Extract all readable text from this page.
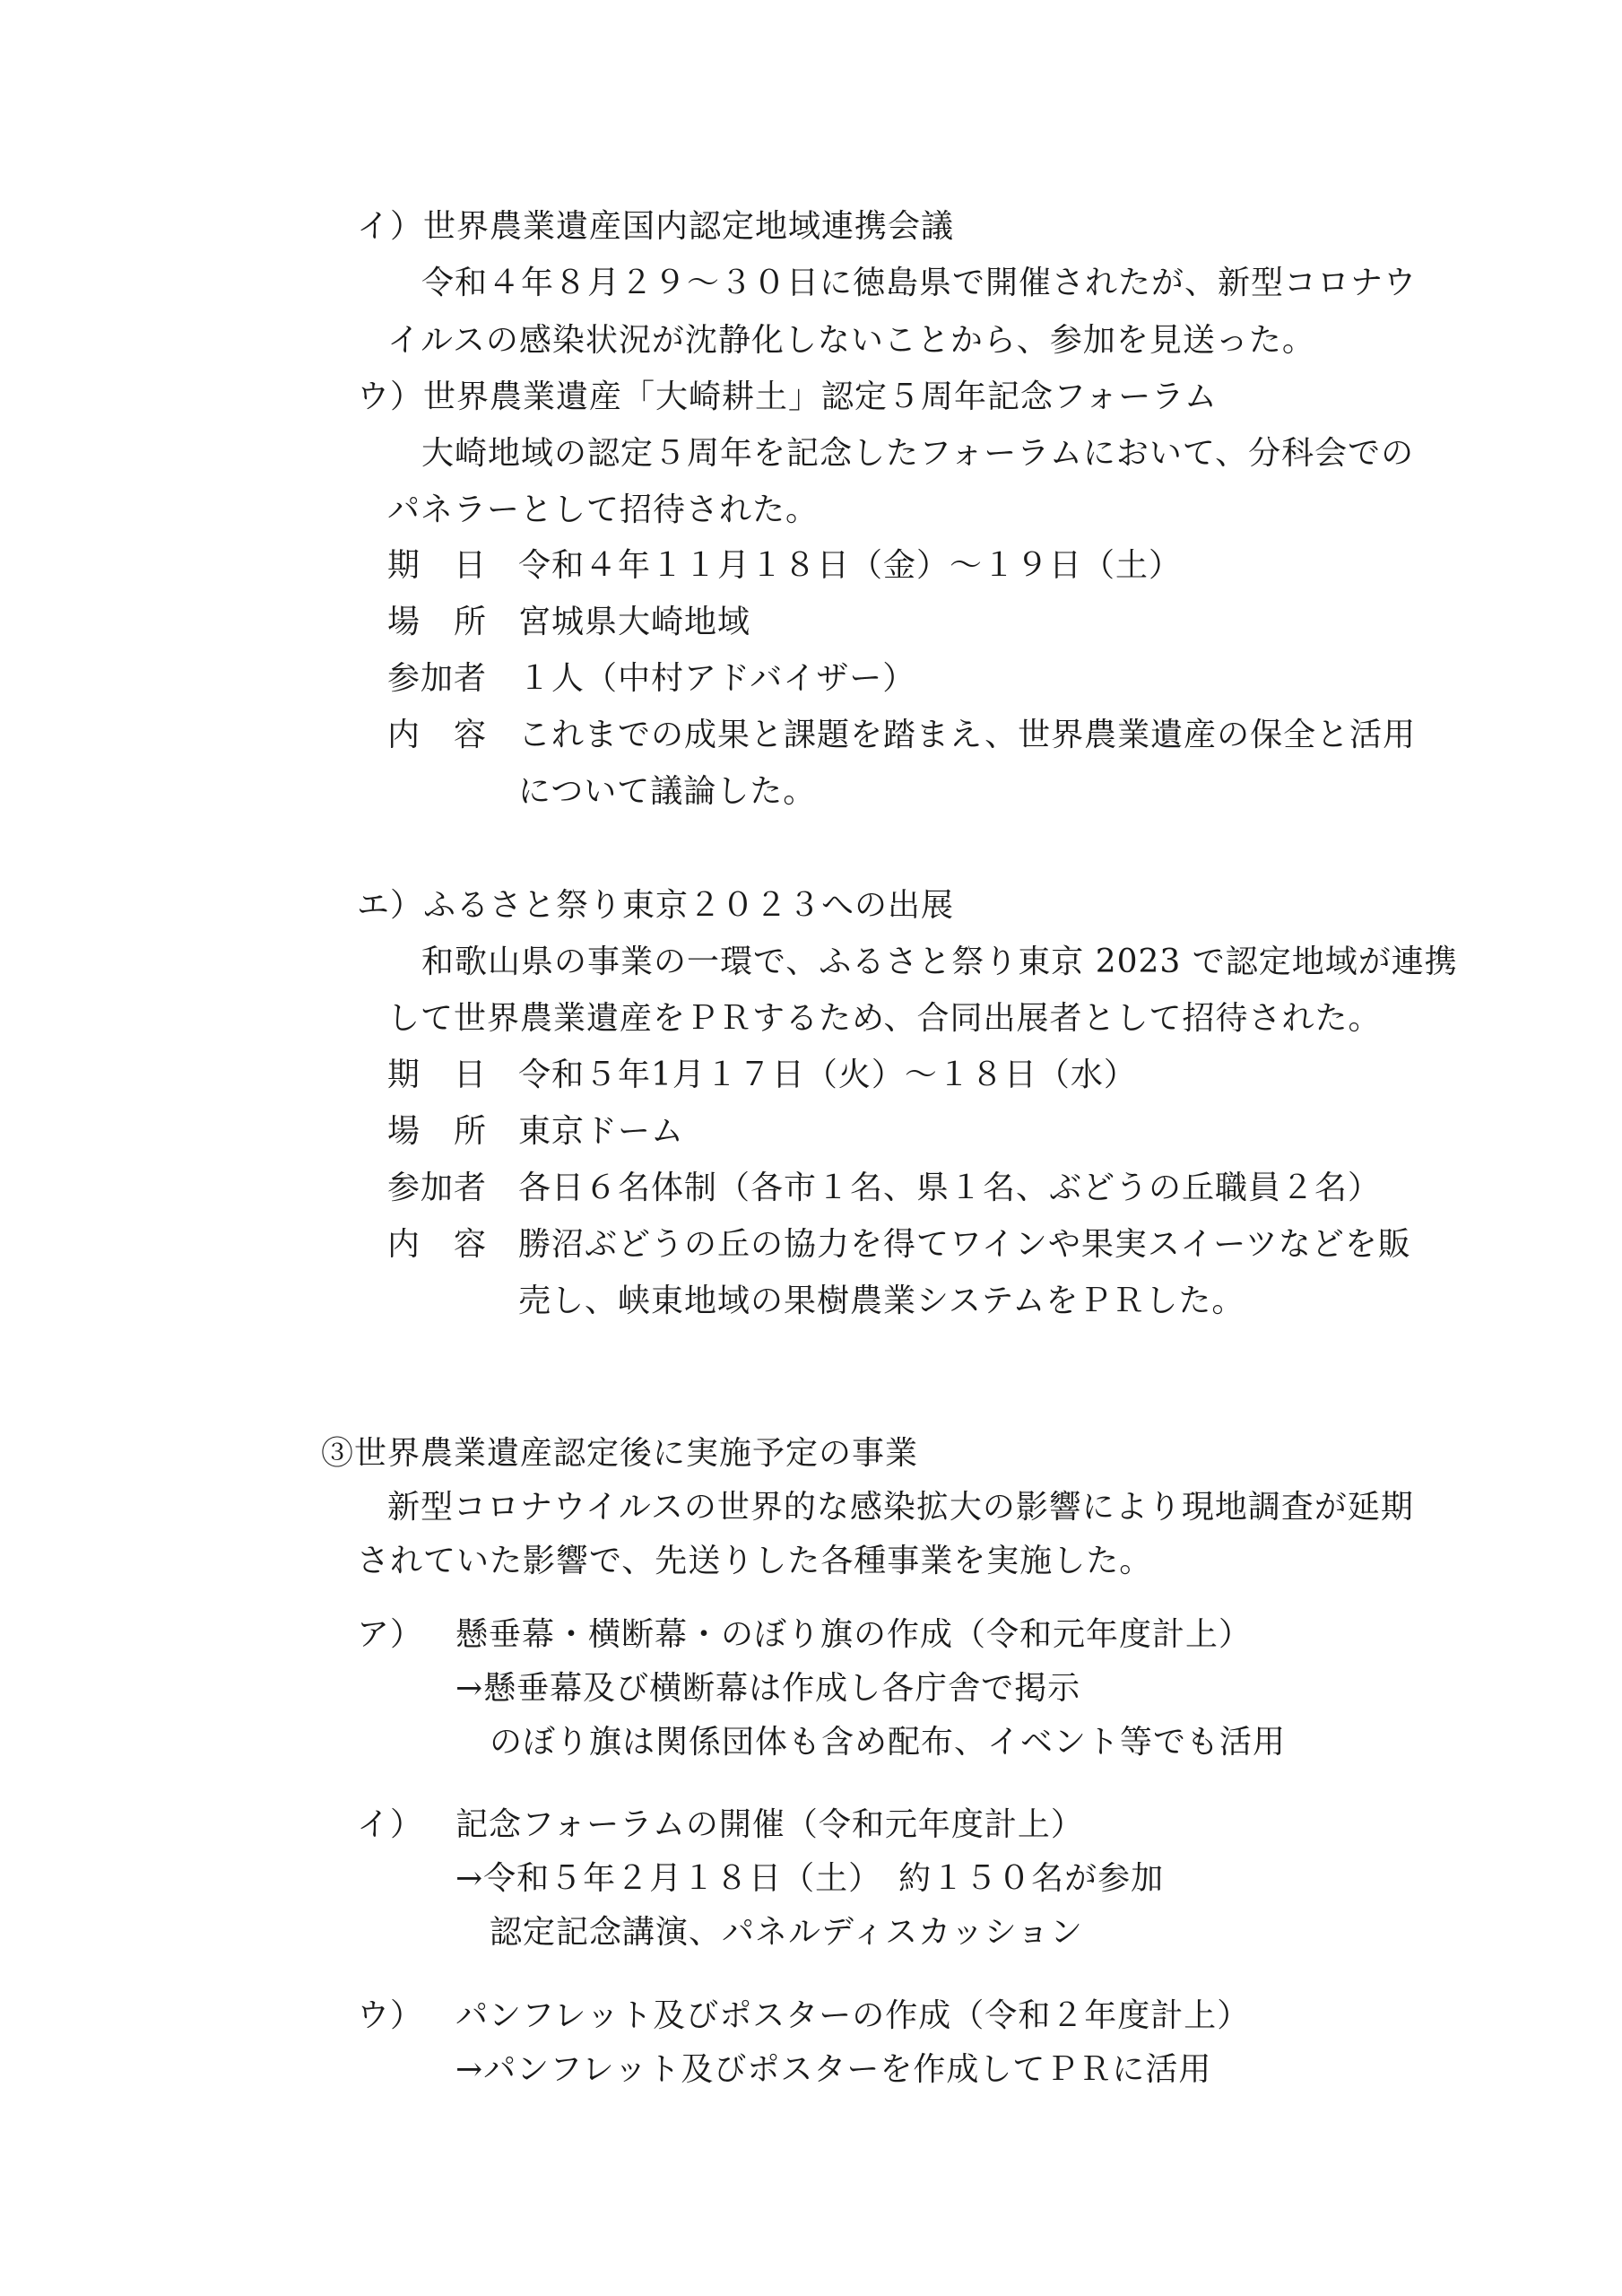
イ）世界農業遺産国内認定地域連携会議
令和４年８月２９～３０日に徳島県で開催されたが、新型コロナウ
イルスの感染状況が沈静化しないことから、参加を見送った。
ウ）世界農業遺産「大崎耕土」認定５周年記念フォーラム
大崎地域の認定５周年を記念したフォーラムにおいて、分科会での
パネラーとして招待された。
期　日 令和４年１１月１８日（金）～１９日（土）
場　所 宮城県大崎地域
参加者 １人（中村アドバイザー）
内　容 これまでの成果と課題を踏まえ、世界農業遺産の保全と活用
について議論した。
エ）ふるさと祭り東京２０２３への出展
和歌山県の事業の一環で、ふるさと祭り東京 2023 で認定地域が連携
して世界農業遺産をＰＲするため、合同出展者として招待された。
期　日 令和５年1月１７日（火）～１８日（水）
場　所 東京ドーム
参加者 各日６名体制（各市１名、県１名、ぶどうの丘職員２名）
内　容 勝沼ぶどうの丘の協力を得てワインや果実スイーツなどを販
売し、峡東地域の果樹農業システムをＰＲした。
③世界農業遺産認定後に実施予定の事業
新型コロナウイルスの世界的な感染拡大の影響により現地調査が延期
されていた影響で、先送りした各種事業を実施した。
ア） 懸垂幕・横断幕・のぼり旗の作成（令和元年度計上）
→懸垂幕及び横断幕は作成し各庁舎で掲示
のぼり旗は関係団体も含め配布、イベント等でも活用
イ） 記念フォーラムの開催（令和元年度計上）
→令和５年２月１８日（土）　約１５０名が参加
認定記念講演、パネルディスカッション
ウ） パンフレット及びポスターの作成（令和２年度計上）
→パンフレット及びポスターを作成してＰＲに活用
